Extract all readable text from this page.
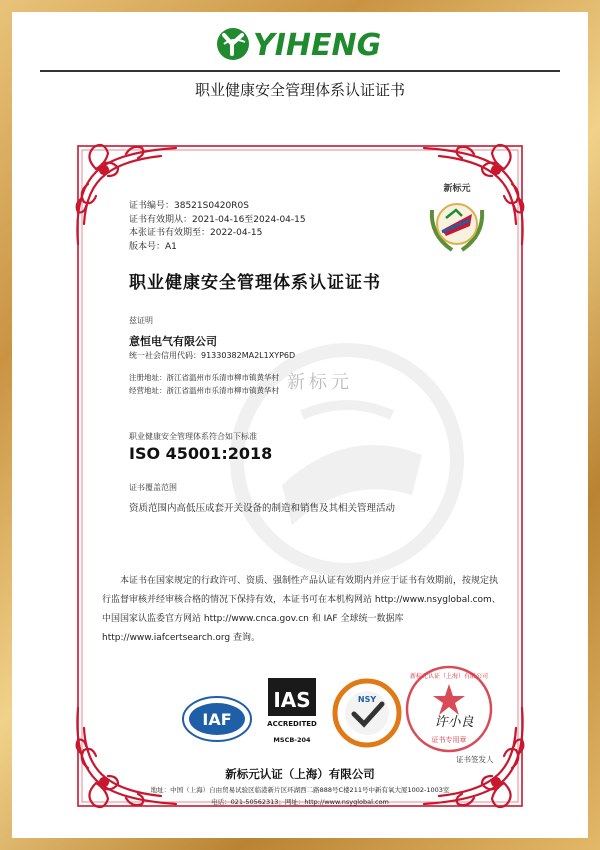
YIHENG
职业健康安全管理体系认证证书
新标元
证书编号：38521S0420R0S
证书有效期从：2021-04-16至2024-04-15
本张证书有效期至：2022-04-15
版本号：A1
新标元
职业健康安全管理体系认证证书
兹证明
意恒电气有限公司
统一社会信用代码：91330382MA2L1XYP6D
注册地址：浙江省温州市乐清市柳市镇黄华村
经营地址：浙江省温州市乐清市柳市镇黄华村
职业健康安全管理体系符合如下标准
ISO 45001:2018
证书覆盖范围
资质范围内高低压成套开关设备的制造和销售及其相关管理活动
本证书在国家规定的行政许可、资质、强制性产品认证有效期内并应于证书有效期前，按规定执行监督审核并经审核合格的情况下保持有效，本证书可在本机构网站 http://www.nsyglobal.com、中国国家认监委官方网站 http://www.cnca.gov.cn 和 IAF 全球统一数据库 http://www.iafcertsearch.org 查询。
IAF
IAS
ACCREDITED
MSCB-204
NSY
新标元认证（上海）有限公司
证书专用章
许小良
证书签发人
新标元认证（上海）有限公司
地址：中国（上海）自由贸易试验区临港新片区环湖西二路888号C楼211号中新有氧大厦1002-1003室
电话：021-50562313；网址：http://www.nsyglobal.com
